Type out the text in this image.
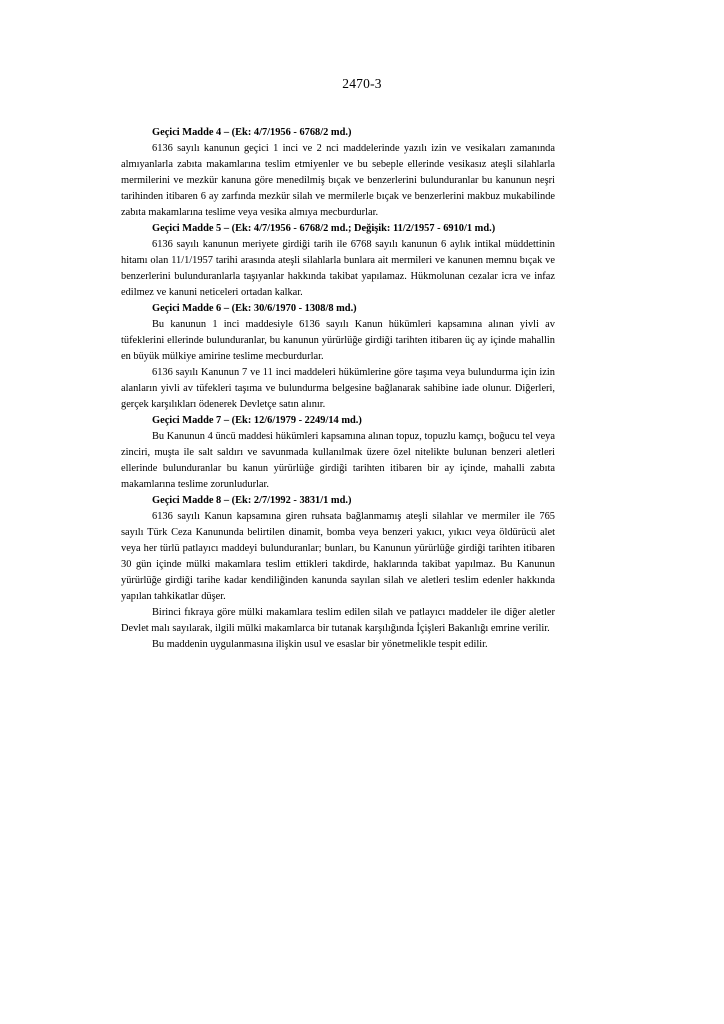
2470-3

Geçici Madde 4 – (Ek: 4/7/1956 - 6768/2 md.)

6136 sayılı kanunun geçici 1 inci ve 2 nci maddelerinde yazılı izin ve vesikaları zamanında almıyanlarla zabıta makamlarına teslim etmiyenler ve bu sebeple ellerinde vesikasız ateşli silahlarla mermilerini ve mezkür kanuna göre menedilmiş bıçak ve benzerlerini bulunduranlar bu kanunun neşri tarihinden itibaren 6 ay zarfında mezkür silah ve mermilerle bıçak ve benzerlerini makbuz mukabilinde zabıta makamlarına teslime veya vesika almıya mecburdurlar.

Geçici Madde 5 – (Ek: 4/7/1956 - 6768/2 md.; Değişik: 11/2/1957 - 6910/1 md.)

6136 sayılı kanunun meriyete girdiği tarih ile 6768 sayılı kanunun 6 aylık intikal müddettinin hitamı olan 11/1/1957 tarihi arasında ateşli silahlarla bunlara ait mermileri ve kanunen memnu bıçak ve benzerlerini bulunduranlarla taşıyanlar hakkında takibat yapılamaz. Hükmolunan cezalar icra ve infaz edilmez ve kanuni neticeleri ortadan kalkar.

Geçici Madde 6 – (Ek: 30/6/1970 - 1308/8 md.)

Bu kanunun 1 inci maddesiyle 6136 sayılı Kanun hükümleri kapsamına alınan yivli av tüfeklerini ellerinde bulunduranlar, bu kanunun yürürlüğe girdiği tarihten itibaren üç ay içinde mahallin en büyük mülkiye amirine teslime mecburdurlar.

6136 sayılı Kanunun 7 ve 11 inci maddeleri hükümlerine göre taşıma veya bulundurma için izin alanların yivli av tüfekleri taşıma ve bulundurma belgesine bağlanarak sahibine iade olunur. Diğerleri, gerçek karşılıkları ödenerek Devletçe satın alınır.

Geçici Madde 7 – (Ek: 12/6/1979 - 2249/14 md.)

Bu Kanunun 4 üncü maddesi hükümleri kapsamına alınan topuz, topuzlu kamçı, boğucu tel veya zinciri, muşta ile salt saldırı ve savunmada kullanılmak üzere özel nitelikte bulunan benzeri aletleri ellerinde bulunduranlar bu kanun yürürlüğe girdiği tarihten itibaren bir ay içinde, mahalli zabıta makamlarına teslime zorunludurlar.

Geçici Madde 8 – (Ek: 2/7/1992 - 3831/1 md.)

6136 sayılı Kanun kapsamına giren ruhsata bağlanmamış ateşli silahlar ve mermiler ile 765 sayılı Türk Ceza Kanununda belirtilen dinamit, bomba veya benzeri yakıcı, yıkıcı veya öldürücü alet veya her türlü patlayıcı maddeyi bulunduranlar; bunları, bu Kanunun yürürlüğe girdiği tarihten itibaren 30 gün içinde mülki makamlara teslim ettikleri takdirde, haklarında takibat yapılmaz. Bu Kanunun yürürlüğe girdiği tarihe kadar kendiliğinden kanunda sayılan silah ve aletleri teslim edenler hakkında yapılan tahkikatlar düşer.

Birinci fıkraya göre mülki makamlara teslim edilen silah ve patlayıcı maddeler ile diğer aletler Devlet malı sayılarak, ilgili mülki makamlarca bir tutanak karşılığında İçişleri Bakanlığı emrine verilir.

Bu maddenin uygulanmasına ilişkin usul ve esaslar bir yönetmelikle tespit edilir.
